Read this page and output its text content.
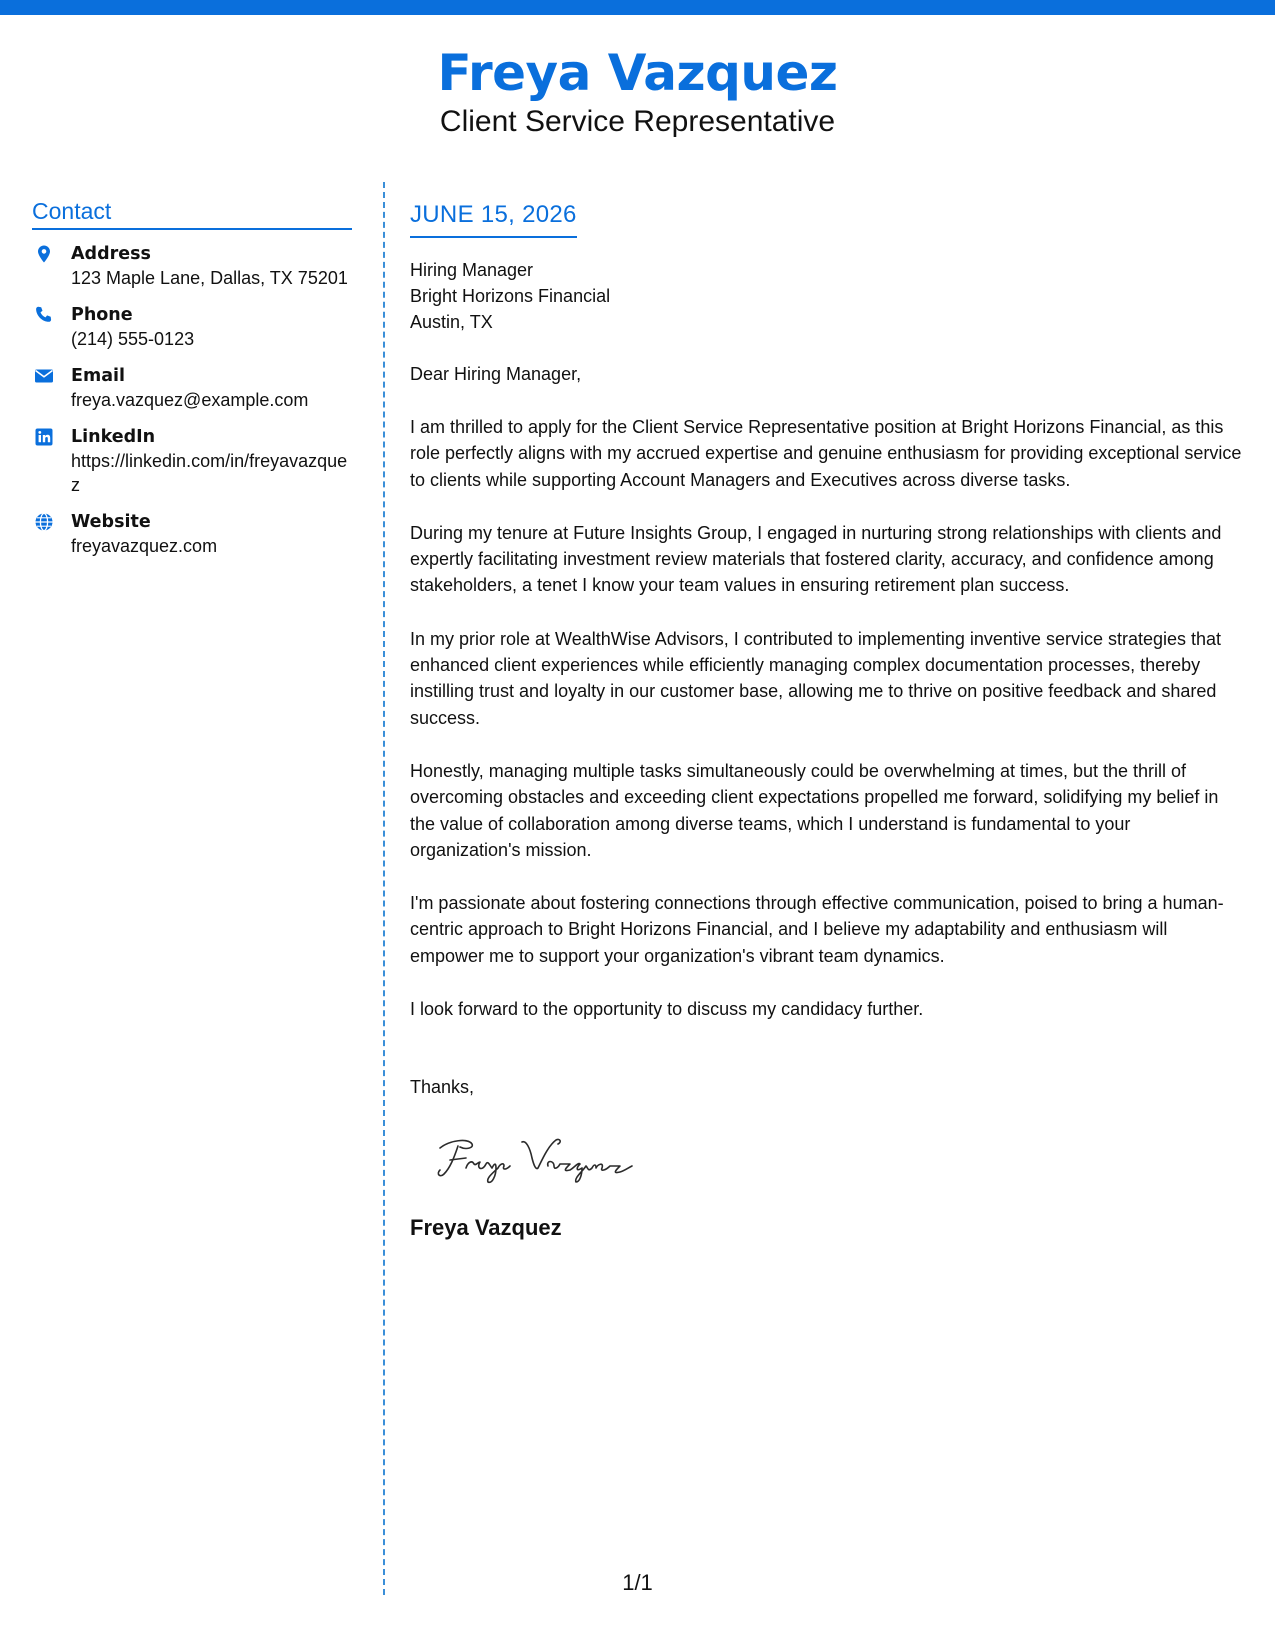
Freya Vazquez
Client Service Representative
Contact
Address
123 Maple Lane, Dallas, TX 75201
Phone
(214) 555-0123
Email
freya.vazquez@example.com
LinkedIn
https://linkedin.com/in/freyavazquez
Website
freyavazquez.com
JUNE 15, 2026
Hiring Manager
Bright Horizons Financial
Austin, TX
Dear Hiring Manager,
I am thrilled to apply for the Client Service Representative position at Bright Horizons Financial, as this role perfectly aligns with my accrued expertise and genuine enthusiasm for providing exceptional service to clients while supporting Account Managers and Executives across diverse tasks.
During my tenure at Future Insights Group, I engaged in nurturing strong relationships with clients and expertly facilitating investment review materials that fostered clarity, accuracy, and confidence among stakeholders, a tenet I know your team values in ensuring retirement plan success.
In my prior role at WealthWise Advisors, I contributed to implementing inventive service strategies that enhanced client experiences while efficiently managing complex documentation processes, thereby instilling trust and loyalty in our customer base, allowing me to thrive on positive feedback and shared success.
Honestly, managing multiple tasks simultaneously could be overwhelming at times, but the thrill of overcoming obstacles and exceeding client expectations propelled me forward, solidifying my belief in the value of collaboration among diverse teams, which I understand is fundamental to your organization's mission.
I'm passionate about fostering connections through effective communication, poised to bring a human-centric approach to Bright Horizons Financial, and I believe my adaptability and enthusiasm will empower me to support your organization's vibrant team dynamics.
I look forward to the opportunity to discuss my candidacy further.
Thanks,
Freya Vazquez
1/1
